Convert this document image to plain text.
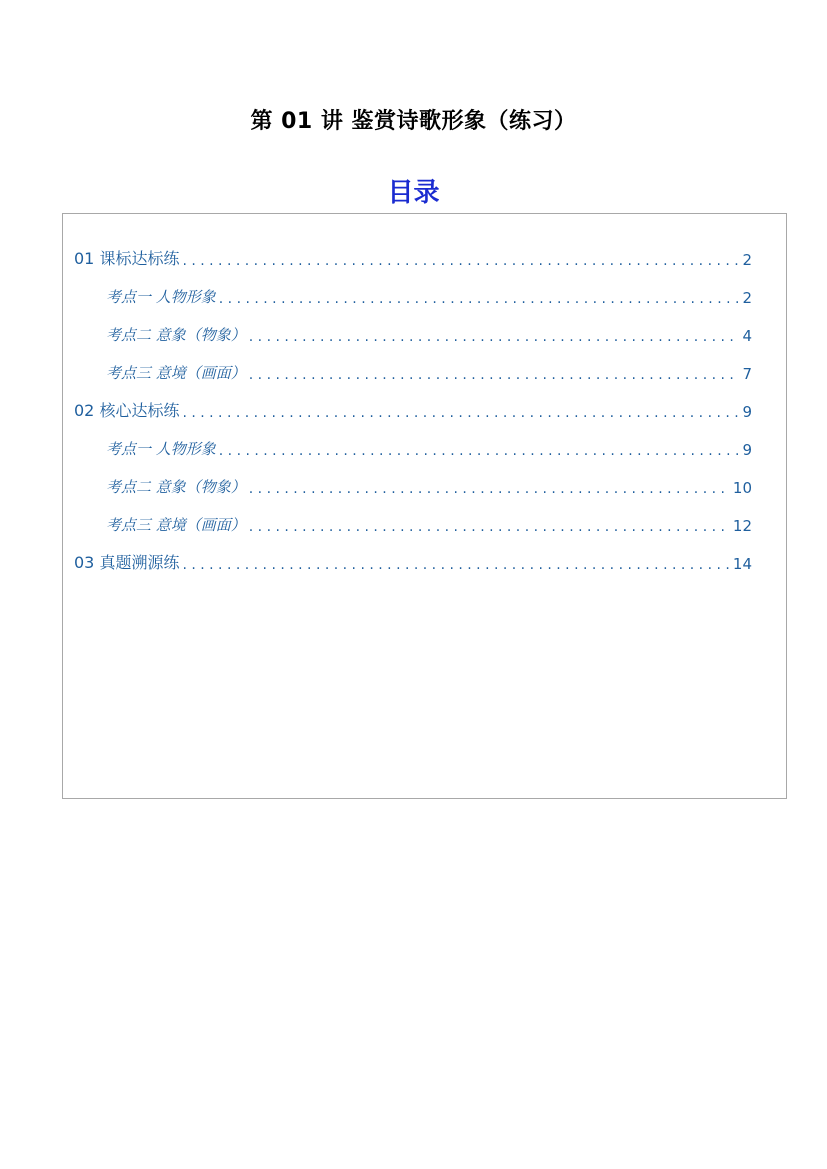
第 01 讲 鉴赏诗歌形象（练习）
目录
01 课标达标练 . . .	2
考点一 人物形象 . . .	2
考点二 意象（物象） . . .	4
考点三 意境（画面） . . .	7
02 核心达标练 . . .	9
考点一 人物形象 . . .	9
考点二 意象（物象） . . .	10
考点三 意境（画面） . . .	12
03 真题溯源练 . . .	14
